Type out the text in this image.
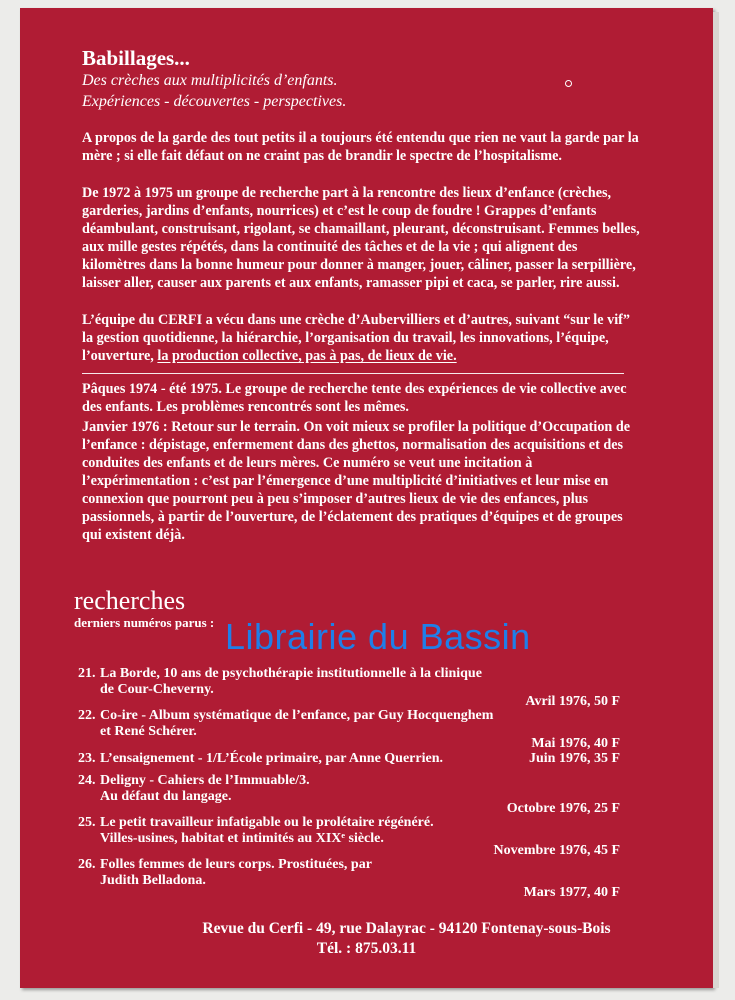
Babillages...
Des crèches aux multiplicités d’enfants.
Expériences - découvertes - perspectives.
A propos de la garde des tout petits il a toujours été entendu que rien ne vaut la garde par la mère ; si elle fait défaut on ne craint pas de brandir le spectre de l’hospitalisme.
De 1972 à 1975 un groupe de recherche part à la rencontre des lieux d’enfance (crèches, garderies, jardins d’enfants, nourrices) et c’est le coup de foudre ! Grappes d’enfants déambulant, construisant, rigolant, se chamaillant, pleurant, déconstruisant. Femmes belles, aux mille gestes répétés, dans la continuité des tâches et de la vie ; qui alignent des kilomètres dans la bonne humeur pour donner à manger, jouer, câliner, passer la serpillière, laisser aller, causer aux parents et aux enfants, ramasser pipi et caca, se parler, rire aussi.
L’équipe du CERFI a vécu dans une crèche d’Aubervilliers et d’autres, suivant “sur le vif” la gestion quotidienne, la hiérarchie, l’organisation du travail, les innovations, l’équipe, l’ouverture, la production collective, pas à pas, de lieux de vie.
Pâques 1974 - été 1975. Le groupe de recherche tente des expériences de vie collective avec des enfants. Les problèmes rencontrés sont les mêmes.
Janvier 1976 : Retour sur le terrain. On voit mieux se profiler la politique d’Occupation de l’enfance : dépistage, enfermement dans des ghettos, normalisation des acquisitions et des conduites des enfants et de leurs mères. Ce numéro se veut une incitation à l’expérimentation : c’est par l’émergence d’une multiplicité d’initiatives et leur mise en connexion que pourront peu à peu s’imposer d’autres lieux de vie des enfances, plus passionnels, à partir de l’ouverture, de l’éclatement des pratiques d’équipes et de groupes qui existent déjà.
recherches
derniers numéros parus : Librairie du Bassin
21. La Borde, 10 ans de psychothérapie institutionnelle à la clinique
de Cour-Cheverny.
Avril 1976, 50 F
22. Co-ire - Album systématique de l’enfance, par Guy Hocquenghem
et René Schérer.
Mai 1976, 40 F
23. L’ensaignement - 1/L’École primaire, par Anne Querrien.	Juin 1976, 35 F
24. Deligny - Cahiers de l’Immuable/3.
Au défaut du langage.
Octobre 1976, 25 F
25. Le petit travailleur infatigable ou le prolétaire régénéré.
Villes-usines, habitat et intimités au XIXᵉ siècle.
Novembre 1976, 45 F
26. Folles femmes de leurs corps. Prostituées, par
Judith Belladona.
Mars 1977, 40 F
Revue du Cerfi - 49, rue Dalayrac - 94120 Fontenay-sous-Bois
Tél. : 875.03.11
